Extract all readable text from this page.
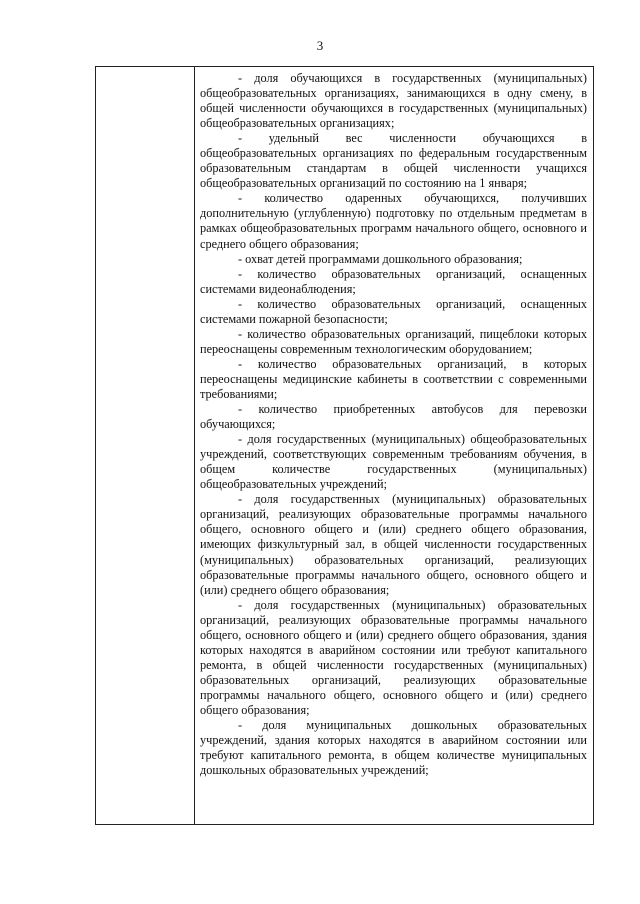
3

- доля обучающихся в государственных (муниципальных) общеобразовательных организациях, занимающихся в одну смену, в общей численности обучающихся в государственных (муниципальных) общеобразовательных организациях;

- удельный вес численности обучающихся в общеобразовательных организациях по федеральным государственным образовательным стандартам в общей численности учащихся общеобразовательных организаций по состоянию на 1 января;

- количество одаренных обучающихся, получивших дополнительную (углубленную) подготовку по отдельным предметам в рамках общеобразовательных программ начального общего, основного и среднего общего образования;

- охват детей программами дошкольного образования;

- количество образовательных организаций, оснащенных системами видеонаблюдения;

- количество образовательных организаций, оснащенных системами пожарной безопасности;

- количество образовательных организаций, пищеблоки которых переоснащены современным технологическим оборудованием;

- количество образовательных организаций, в которых переоснащены медицинские кабинеты в соответствии с современными требованиями;

- количество приобретенных автобусов для перевозки обучающихся;

- доля государственных (муниципальных) общеобразовательных учреждений, соответствующих современным требованиям обучения, в общем количестве государственных (муниципальных) общеобразовательных учреждений;

- доля государственных (муниципальных) образовательных организаций, реализующих образовательные программы начального общего, основного общего и (или) среднего общего образования, имеющих физкультурный зал, в общей численности государственных (муниципальных) образовательных организаций, реализующих образовательные программы начального общего, основного общего и (или) среднего общего образования;

- доля государственных (муниципальных) образовательных организаций, реализующих образовательные программы начального общего, основного общего и (или) среднего общего образования, здания которых находятся в аварийном состоянии или требуют капитального ремонта, в общей численности государственных (муниципальных) образовательных организаций, реализующих образовательные программы начального общего, основного общего и (или) среднего общего образования;

- доля муниципальных дошкольных образовательных учреждений, здания которых находятся в аварийном состоянии или требуют капитального ремонта, в общем количестве муниципальных дошкольных образовательных учреждений;
